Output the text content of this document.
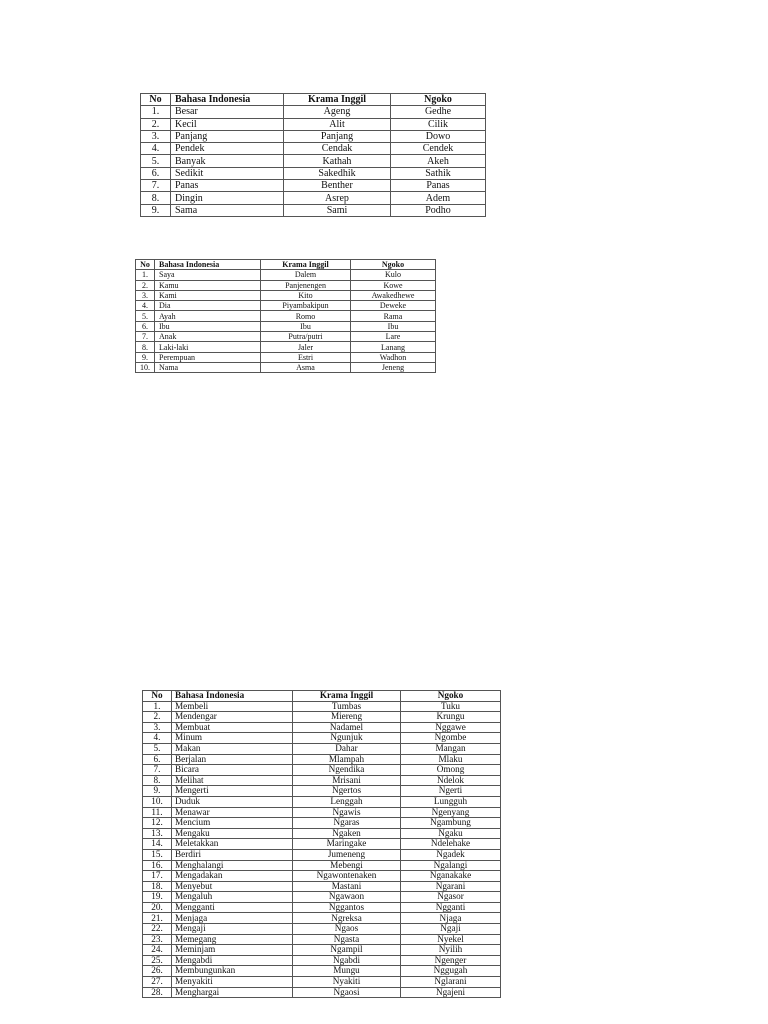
No	Bahasa Indonesia	Krama Inggil	Ngoko
1.	Besar	Ageng	Gedhe
2.	Kecil	Alit	Cilik
3.	Panjang	Panjang	Dowo
4.	Pendek	Cendak	Cendek
5.	Banyak	Kathah	Akeh
6.	Sedikit	Sakedhik	Sathik
7.	Panas	Benther	Panas
8.	Dingin	Asrep	Adem
9.	Sama	Sami	Podho
No	Bahasa Indonesia	Krama Inggil	Ngoko
1.	Saya	Dalem	Kulo
2.	Kamu	Panjenengen	Kowe
3.	Kami	Kito	Awakedhewe
4.	Dia	Piyambakipun	Deweke
5.	Ayah	Romo	Rama
6.	Ibu	Ibu	Ibu
7.	Anak	Putra/putri	Lare
8.	Laki-laki	Jaler	Lanang
9.	Perempuan	Estri	Wadhon
10.	Nama	Asma	Jeneng
No	Bahasa Indonesia	Krama Inggil	Ngoko
1.	Membeli	Tumbas	Tuku
2.	Mendengar	Miereng	Krungu
3.	Membuat	Nadamel	Nggawe
4.	Minum	Ngunjuk	Ngombe
5.	Makan	Dahar	Mangan
6.	Berjalan	Mlampah	Mlaku
7.	Bicara	Ngendika	Omong
8.	Melihat	Mrisani	Ndelok
9.	Mengerti	Ngertos	Ngerti
10.	Duduk	Lenggah	Lungguh
11.	Menawar	Ngawis	Ngenyang
12.	Mencium	Ngaras	Ngambung
13.	Mengaku	Ngaken	Ngaku
14.	Meletakkan	Maringake	Ndelehake
15.	Berdiri	Jumeneng	Ngadek
16.	Menghalangi	Mebengi	Ngalangi
17.	Mengadakan	Ngawontenaken	Nganakake
18.	Menyebut	Mastani	Ngarani
19.	Mengaluh	Ngawaon	Ngasor
20.	Mengganti	Nggantos	Ngganti
21.	Menjaga	Ngreksa	Njaga
22.	Mengaji	Ngaos	Ngaji
23.	Memegang	Ngasta	Nyekel
24.	Meminjam	Ngampil	Nyilih
25.	Mengabdi	Ngabdi	Ngenger
26.	Membungunkan	Mungu	Nggugah
27.	Menyakiti	Nyakiti	Nglarani
28.	Menghargai	Ngaosi	Ngajeni
